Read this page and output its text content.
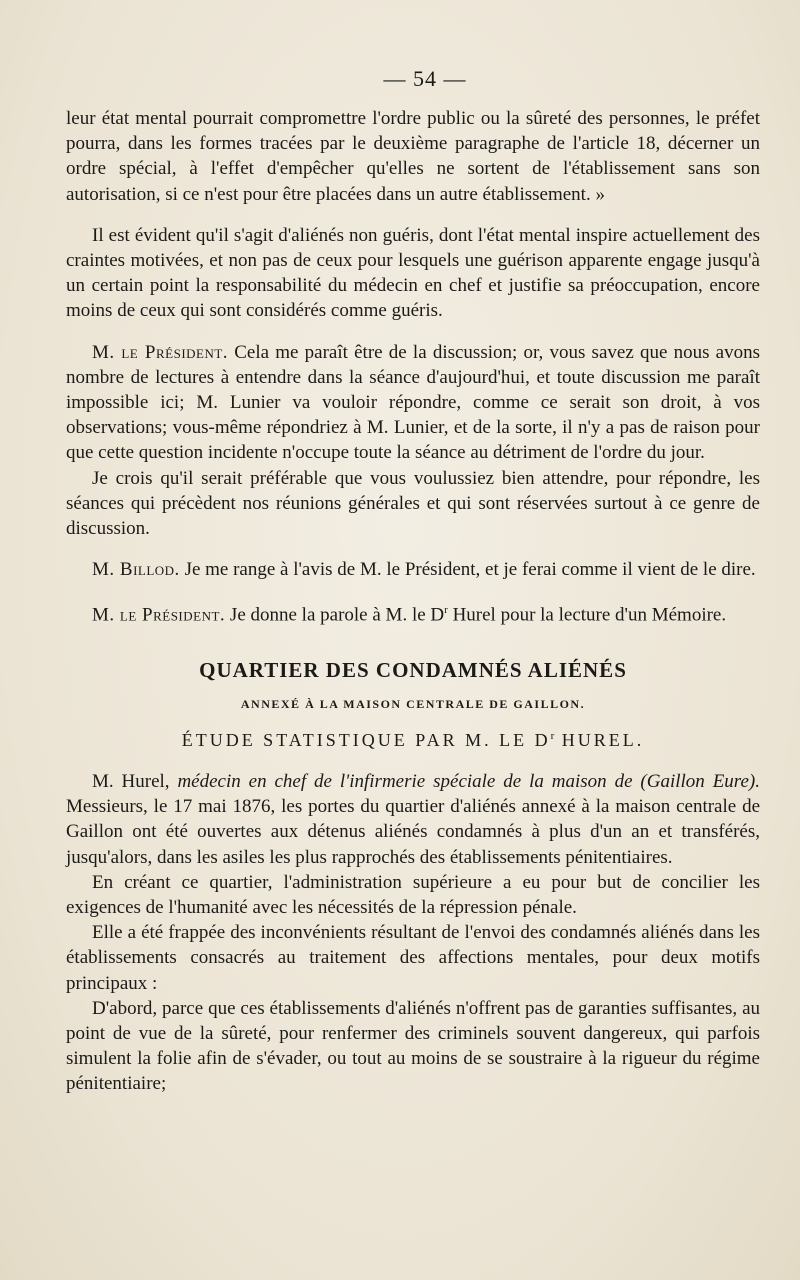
— 54 —

leur état mental pourrait compromettre l'ordre public ou la sûreté des personnes, le préfet pourra, dans les formes tracées par le deuxième paragraphe de l'article 18, décerner un ordre spécial, à l'effet d'empêcher qu'elles ne sortent de l'établissement sans son autorisation, si ce n'est pour être placées dans un autre établissement. »

Il est évident qu'il s'agit d'aliénés non guéris, dont l'état mental inspire actuellement des craintes motivées, et non pas de ceux pour lesquels une guérison apparente engage jusqu'à un certain point la responsabilité du médecin en chef et justifie sa préoccupation, encore moins de ceux qui sont considérés comme guéris.

M. le Président. Cela me paraît être de la discussion; or, vous savez que nous avons nombre de lectures à entendre dans la séance d'aujourd'hui, et toute discussion me paraît impossible ici; M. Lunier va vouloir répondre, comme ce serait son droit, à vos observations; vous-même répondriez à M. Lunier, et de la sorte, il n'y a pas de raison pour que cette question incidente n'occupe toute la séance au détriment de l'ordre du jour.

Je crois qu'il serait préférable que vous voulussiez bien attendre, pour répondre, les séances qui précèdent nos réunions générales et qui sont réservées surtout à ce genre de discussion.

M. Billod. Je me range à l'avis de M. le Président, et je ferai comme il vient de le dire.

M. le Président. Je donne la parole à M. le $D^r$ Hurel pour la lecture d'un Mémoire.

QUARTIER DES CONDAMNÉS ALIÉNÉS
ANNEXÉ À LA MAISON CENTRALE DE GAILLON.
ÉTUDE STATISTIQUE PAR M. LE $D^r$ HUREL.

M. Hurel, médecin en chef de l'infirmerie spéciale de la maison de (Gaillon Eure). Messieurs, le 17 mai 1876, les portes du quartier d'aliénés annexé à la maison centrale de Gaillon ont été ouvertes aux détenus aliénés condamnés à plus d'un an et transférés, jusqu'alors, dans les asiles les plus rapprochés des établissements pénitentiaires.

En créant ce quartier, l'administration supérieure a eu pour but de concilier les exigences de l'humanité avec les nécessités de la répression pénale.

Elle a été frappée des inconvénients résultant de l'envoi des condamnés aliénés dans les établissements consacrés au traitement des affections mentales, pour deux motifs principaux :

D'abord, parce que ces établissements d'aliénés n'offrent pas de garanties suffisantes, au point de vue de la sûreté, pour renfermer des criminels souvent dangereux, qui parfois simulent la folie afin de s'évader, ou tout au moins de se soustraire à la rigueur du régime pénitentiaire;
